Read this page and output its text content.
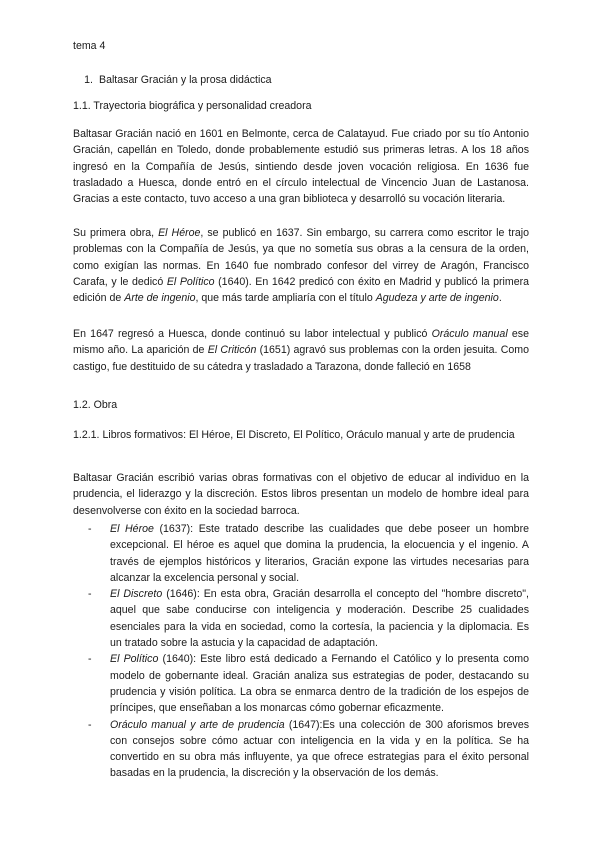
tema 4

1. Baltasar Gracián y la prosa didáctica

1.1. Trayectoria biográfica y personalidad creadora

Baltasar Gracián nació en 1601 en Belmonte, cerca de Calatayud. Fue criado por su tío Antonio Gracián, capellán en Toledo, donde probablemente estudió sus primeras letras. A los 18 años ingresó en la Compañía de Jesús, sintiendo desde joven vocación religiosa. En 1636 fue trasladado a Huesca, donde entró en el círculo intelectual de Vincencio Juan de Lastanosa. Gracias a este contacto, tuvo acceso a una gran biblioteca y desarrolló su vocación literaria.

Su primera obra, El Héroe, se publicó en 1637. Sin embargo, su carrera como escritor le trajo problemas con la Compañía de Jesús, ya que no sometía sus obras a la censura de la orden, como exigían las normas. En 1640 fue nombrado confesor del virrey de Aragón, Francisco Carafa, y le dedicó El Político (1640). En 1642 predicó con éxito en Madrid y publicó la primera edición de Arte de ingenio, que más tarde ampliaría con el título Agudeza y arte de ingenio.

En 1647 regresó a Huesca, donde continuó su labor intelectual y publicó Oráculo manual ese mismo año. La aparición de El Criticón (1651) agravó sus problemas con la orden jesuita. Como castigo, fue destituido de su cátedra y trasladado a Tarazona, donde falleció en 1658

1.2. Obra

1.2.1. Libros formativos: El Héroe, El Discreto, El Político, Oráculo manual y arte de prudencia

Baltasar Gracián escribió varias obras formativas con el objetivo de educar al individuo en la prudencia, el liderazgo y la discreción. Estos libros presentan un modelo de hombre ideal para desenvolverse con éxito en la sociedad barroca.

- El Héroe (1637): Este tratado describe las cualidades que debe poseer un hombre excepcional. El héroe es aquel que domina la prudencia, la elocuencia y el ingenio. A través de ejemplos históricos y literarios, Gracián expone las virtudes necesarias para alcanzar la excelencia personal y social.
- El Discreto (1646): En esta obra, Gracián desarrolla el concepto del "hombre discreto", aquel que sabe conducirse con inteligencia y moderación. Describe 25 cualidades esenciales para la vida en sociedad, como la cortesía, la paciencia y la diplomacia. Es un tratado sobre la astucia y la capacidad de adaptación.
- El Político (1640): Este libro está dedicado a Fernando el Católico y lo presenta como modelo de gobernante ideal. Gracián analiza sus estrategias de poder, destacando su prudencia y visión política. La obra se enmarca dentro de la tradición de los espejos de príncipes, que enseñaban a los monarcas cómo gobernar eficazmente.
- Oráculo manual y arte de prudencia (1647):Es una colección de 300 aforismos breves con consejos sobre cómo actuar con inteligencia en la vida y en la política. Se ha convertido en su obra más influyente, ya que ofrece estrategias para el éxito personal basadas en la prudencia, la discreción y la observación de los demás.
